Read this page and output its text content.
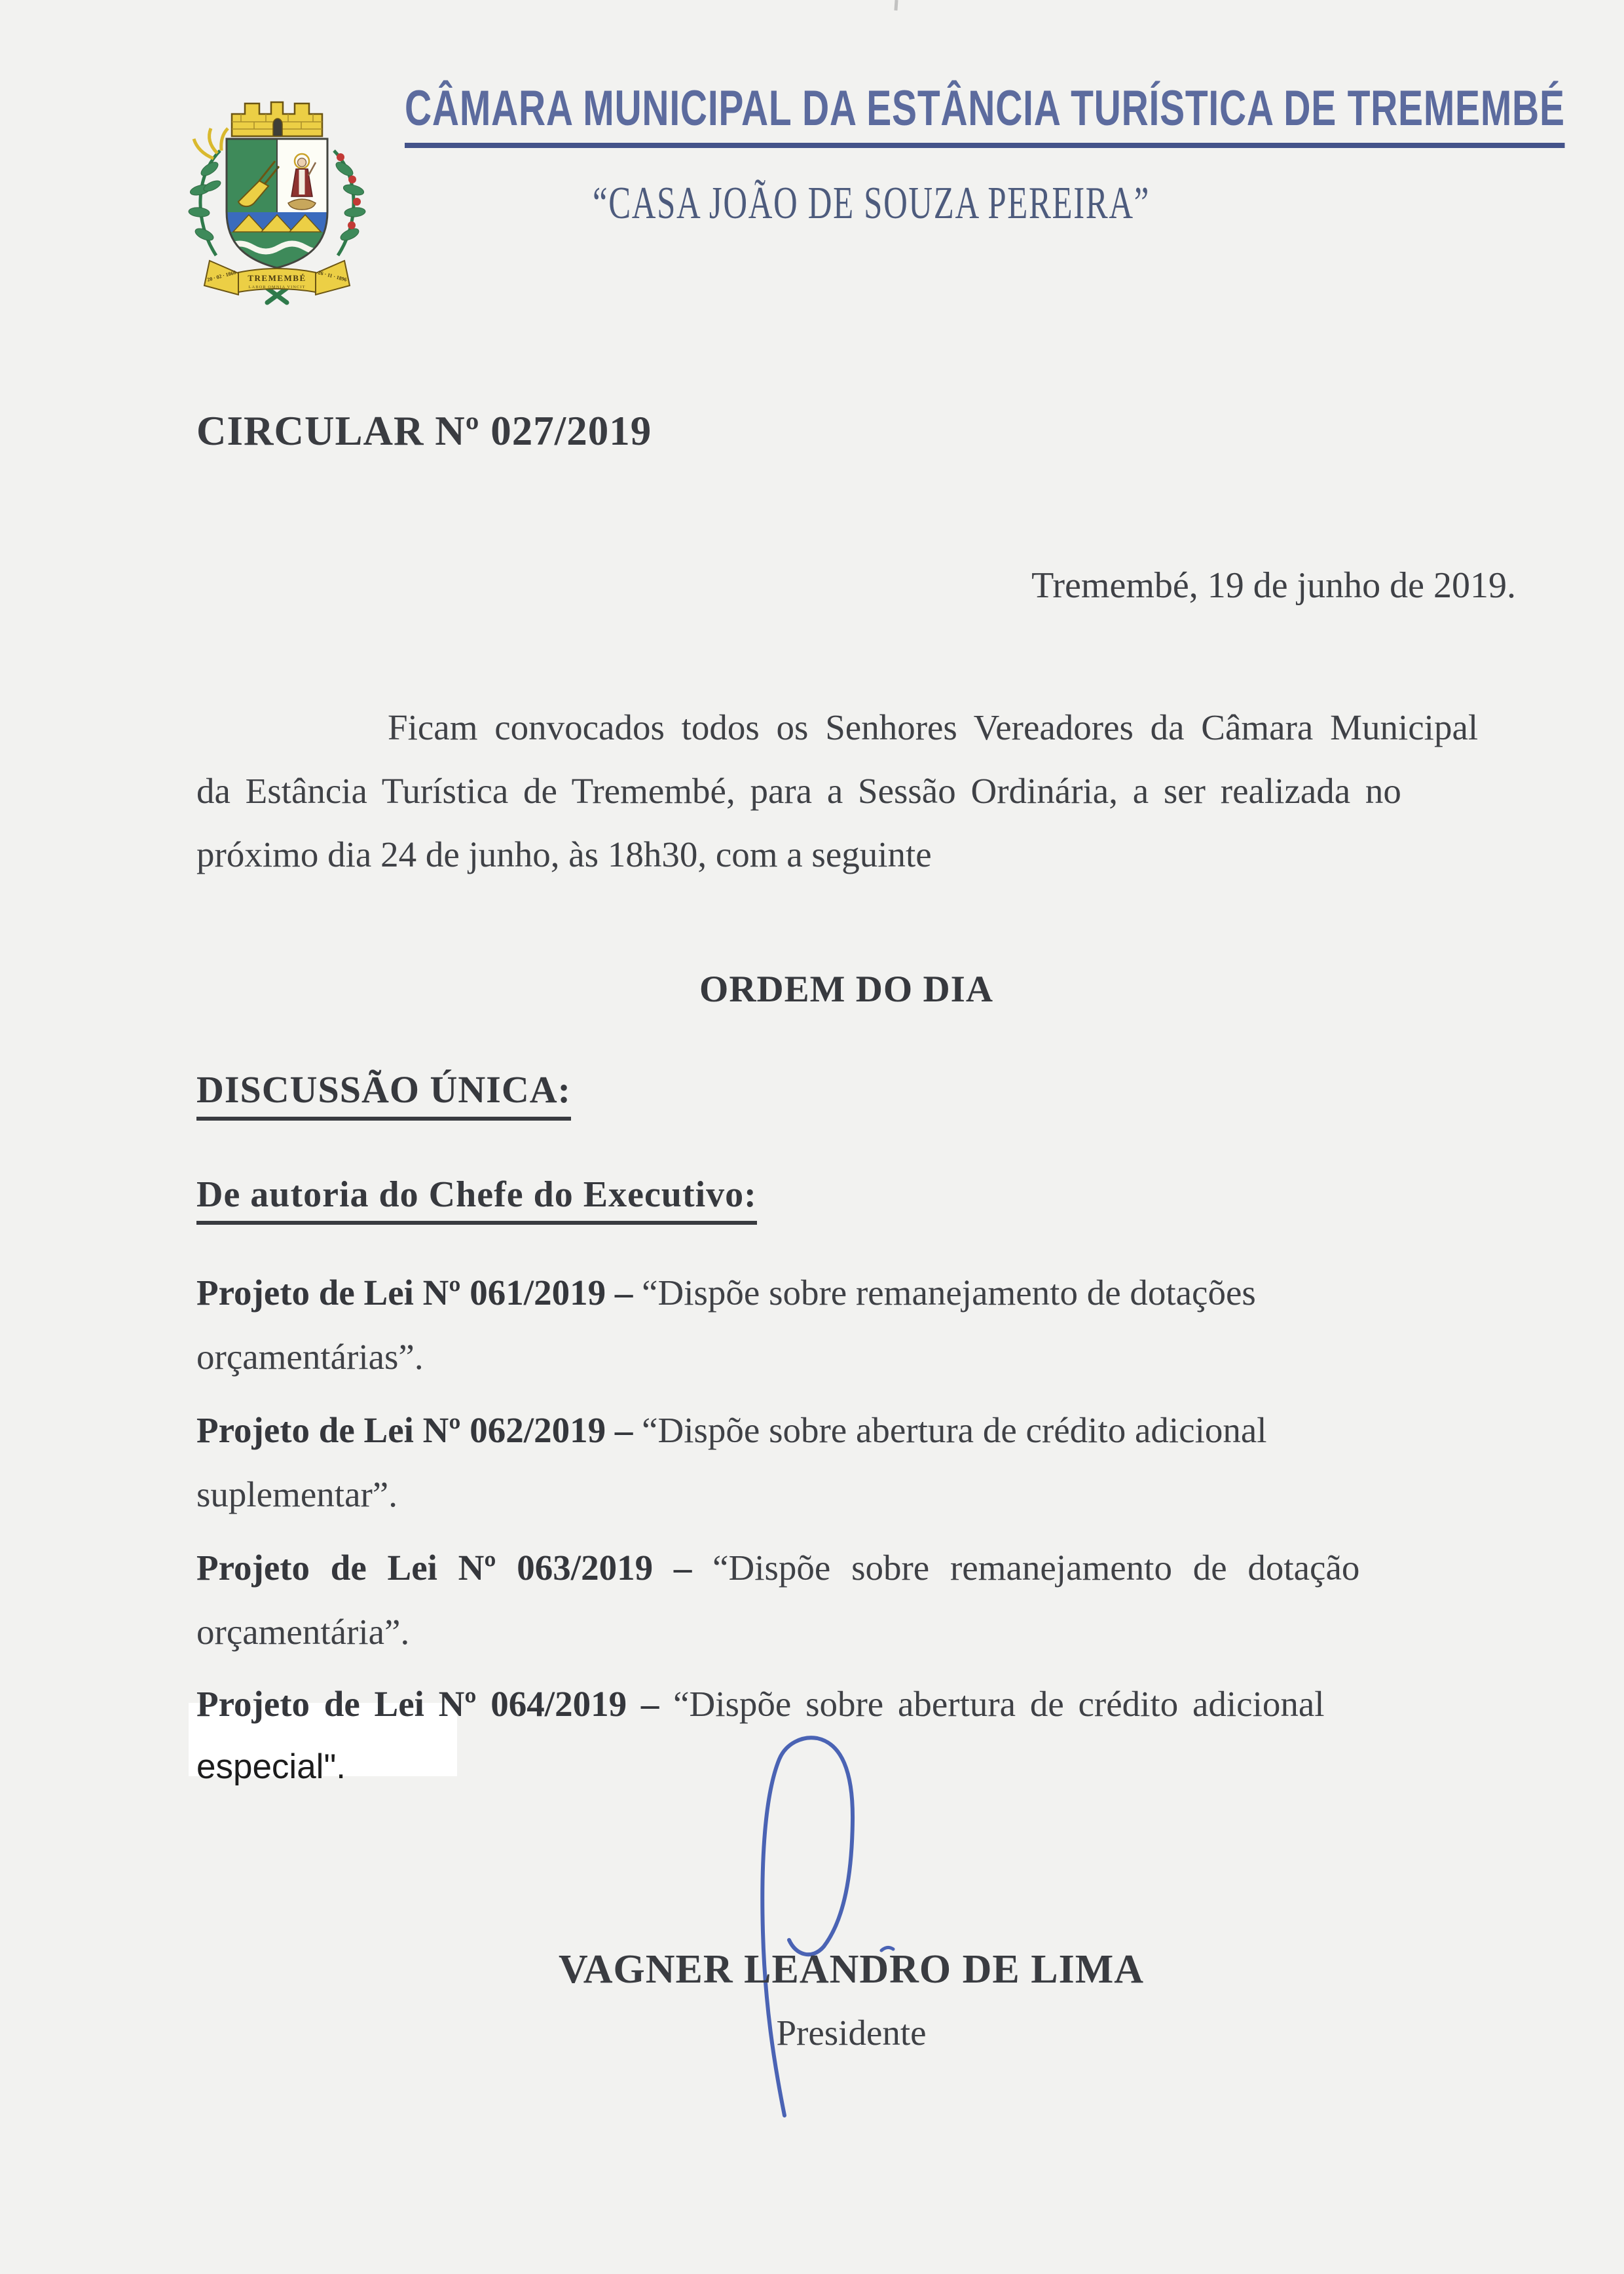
TREMEMBÉ
LABOR OMNIA VINCIT
20 · 02 · 1866	26 · 11 · 1896
CÂMARA MUNICIPAL DA ESTÂNCIA TURÍSTICA DE TREMEMBÉ
“CASA JOÃO DE SOUZA PEREIRA”
CIRCULAR Nº 027/2019
Tremembé, 19 de junho de 2019.
Ficam convocados todos os Senhores Vereadores da Câmara Municipal
da Estância Turística de Tremembé, para a Sessão Ordinária, a ser realizada no
próximo dia 24 de junho, às 18h30, com a seguinte
ORDEM DO DIA
DISCUSSÃO ÚNICA:
De autoria do Chefe do Executivo:
Projeto de Lei Nº 061/2019 – “Dispõe sobre remanejamento de dotações
orçamentárias”.
Projeto de Lei Nº 062/2019 – “Dispõe sobre abertura de crédito adicional
suplementar”.
Projeto de Lei Nº 063/2019 – “Dispõe sobre remanejamento de dotação
orçamentária”.
Projeto de Lei Nº 064/2019 – “Dispõe sobre abertura de crédito adicional
especial".
VAGNER LEANDRO DE LIMA
Presidente
